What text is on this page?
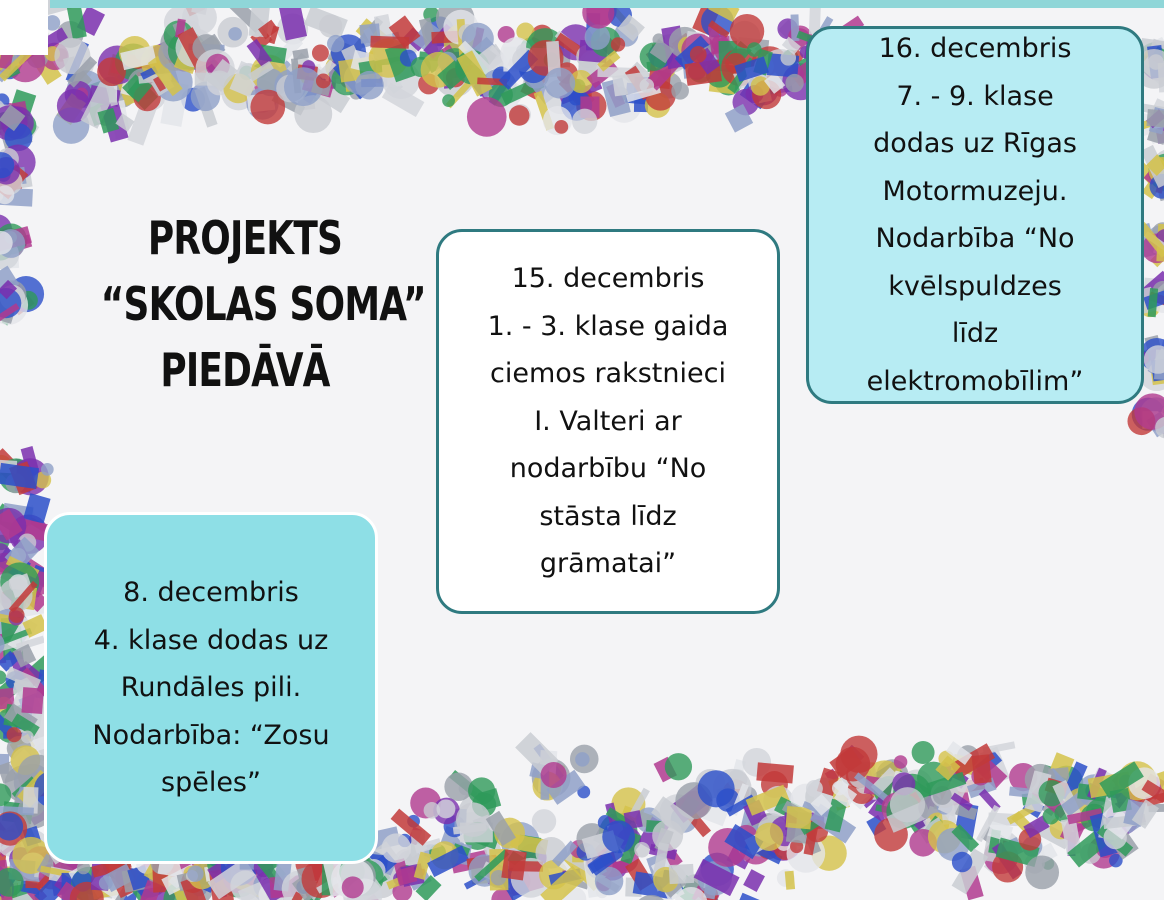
PROJEKTS
“SKOLAS SOMA”
PIEDĀVĀ
15. decembris
1. - 3. klase gaida
ciemos rakstnieci
I. Valteri ar
nodarbību “No
stāsta līdz
grāmatai”
16. decembris
7. - 9. klase
dodas uz Rīgas
Motormuzeju.
Nodarbība “No
kvēlspuldzes
līdz
elektromobīlim”
8. decembris
4. klase dodas uz
Rundāles pili.
Nodarbība: “Zosu
spēles”
